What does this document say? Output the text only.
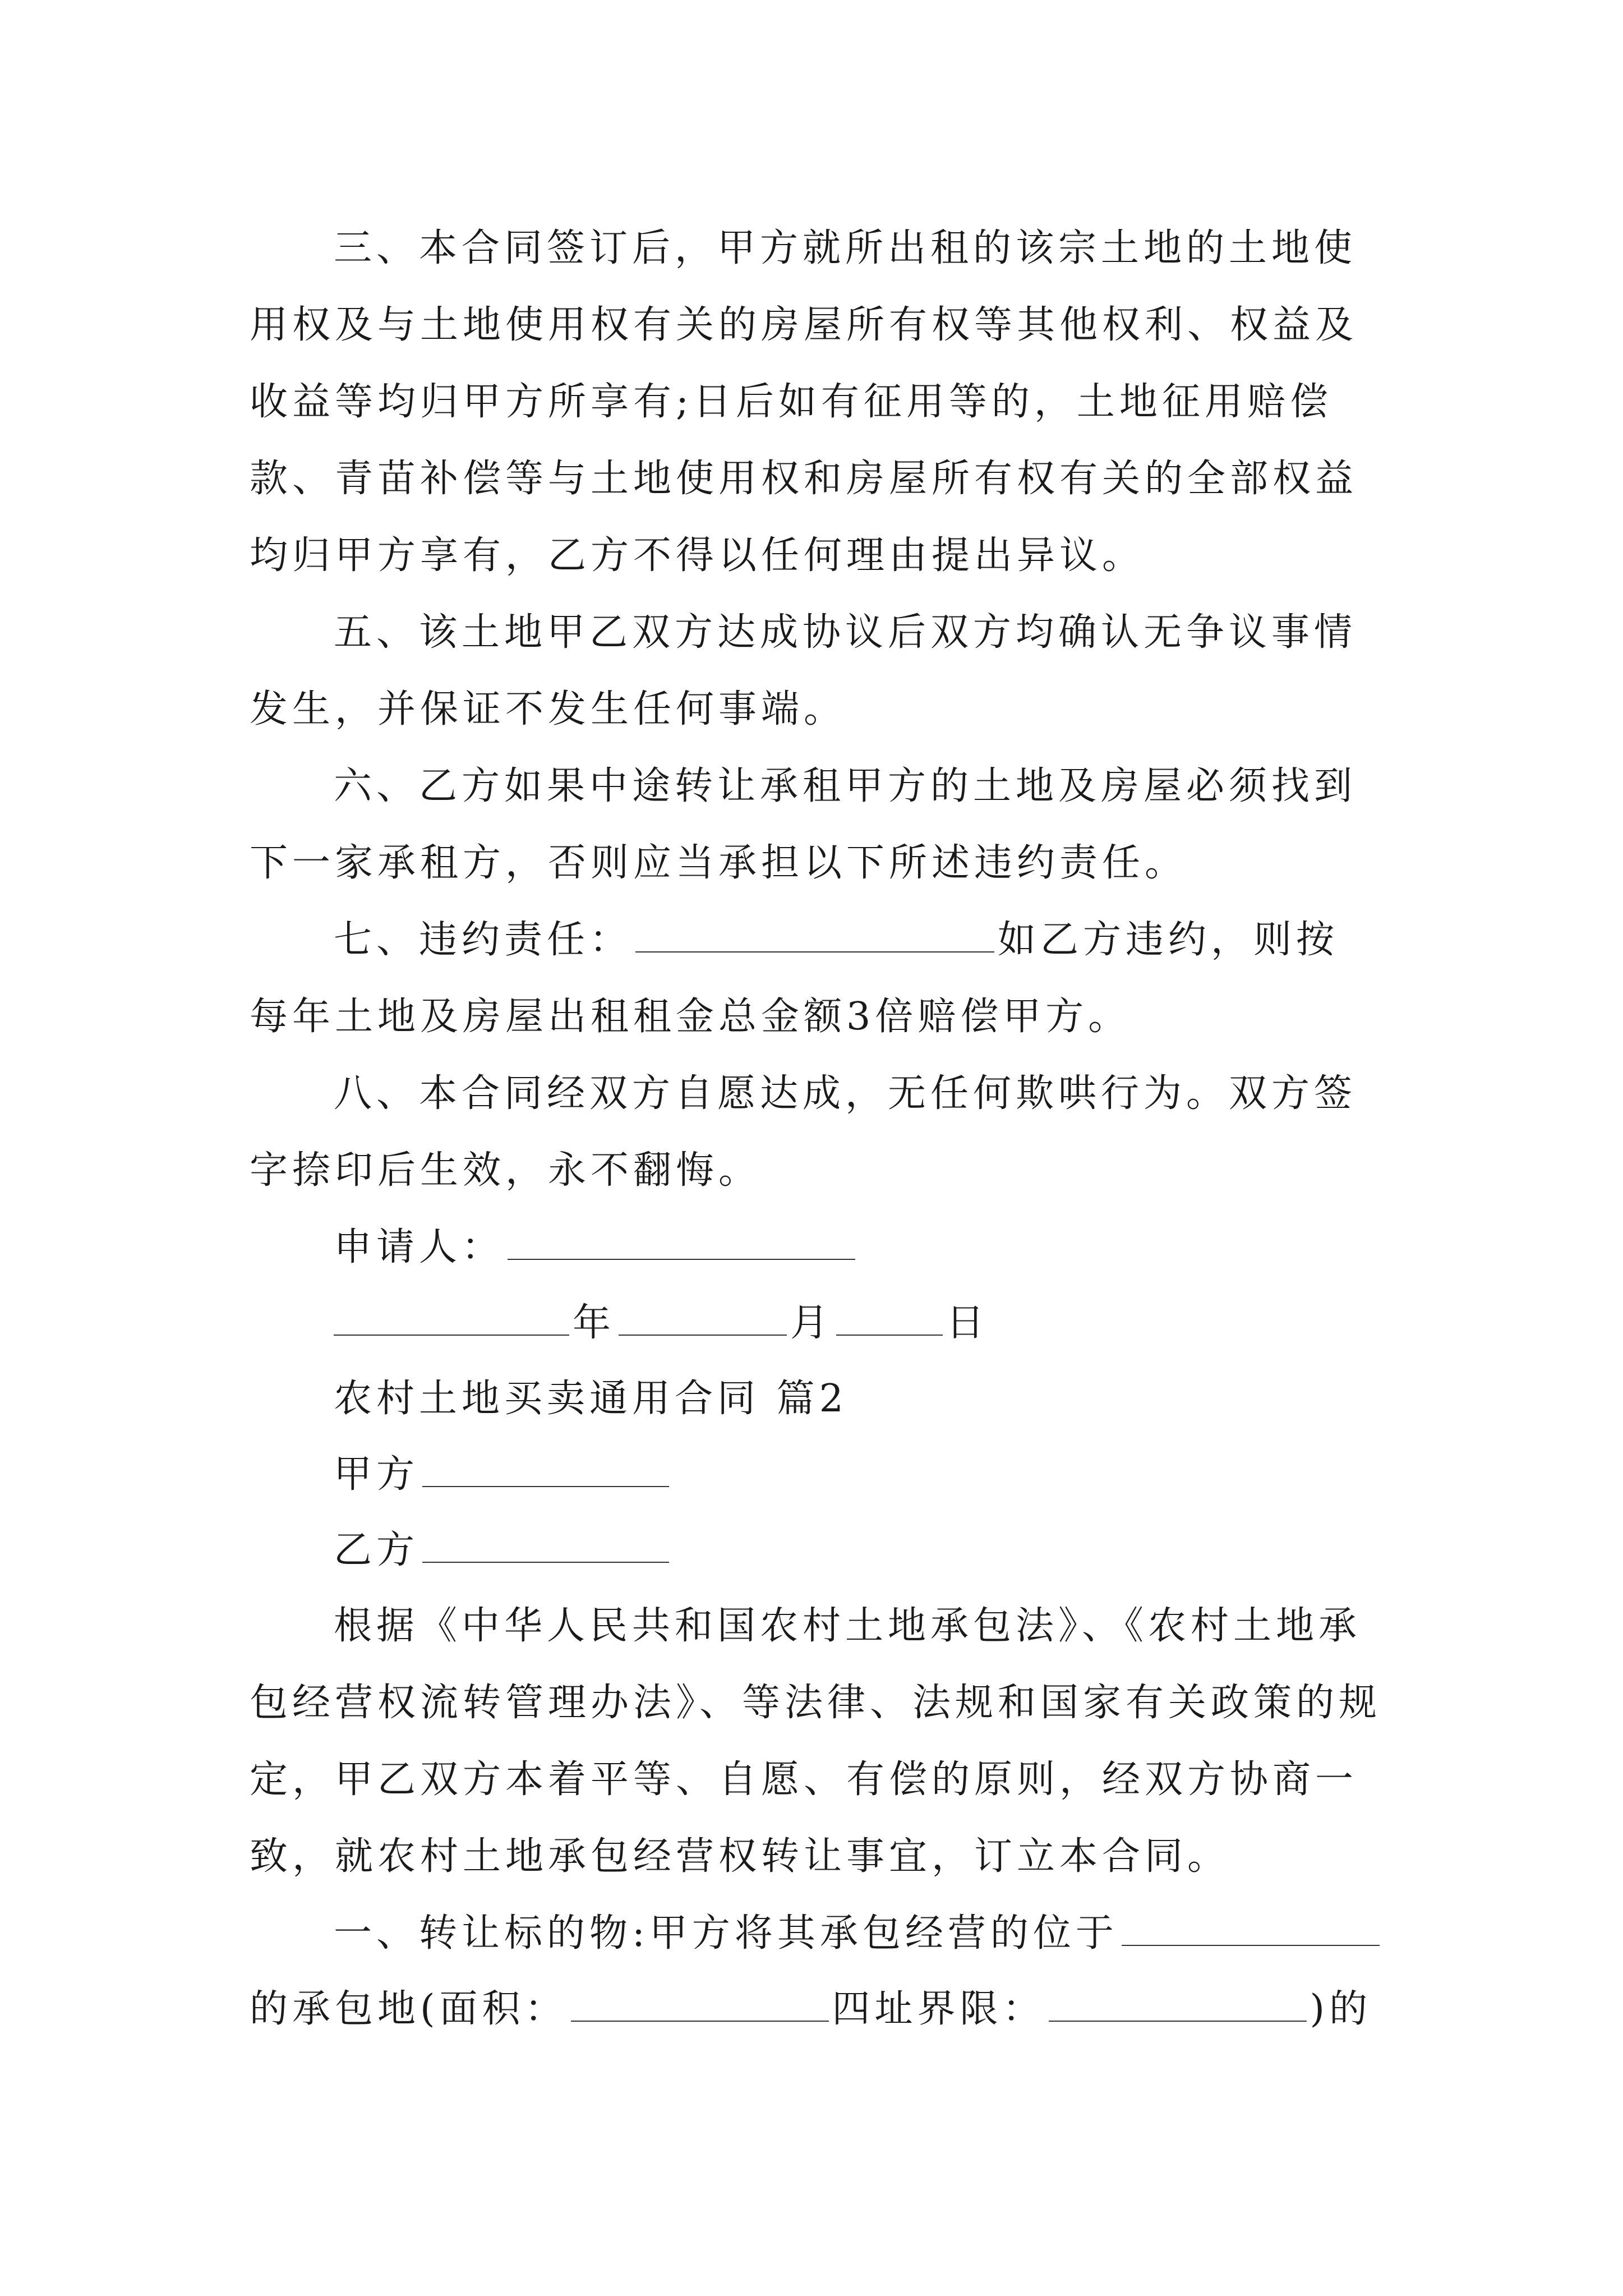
三、本合同签订后，甲方就所出租的该宗土地的土地使用权及与土地使用权有关的房屋所有权等其他权利、权益及收益等均归甲方所享有;日后如有征用等的，土地征用赔偿款、青苗补偿等与土地使用权和房屋所有权有关的全部权益均归甲方享有，乙方不得以任何理由提出异议。

五、该土地甲乙双方达成协议后双方均确认无争议事情发生，并保证不发生任何事端。

六、乙方如果中途转让承租甲方的土地及房屋必须找到下一家承租方，否则应当承担以下所述违约责任。

七、违约责任：	如乙方违约，则按
每年土地及房屋出租租金总金额3倍赔偿甲方。

八、本合同经双方自愿达成，无任何欺哄行为。双方签字捺印后生效，永不翻悔。

申请人：
年	月	日
农村土地买卖通用合同 篇2
甲方
乙方

根据《中华人民共和国农村土地承包法》、《农村土地承包经营权流转管理办法》、等法律、法规和国家有关政策的规定，甲乙双方本着平等、自愿、有偿的原则，经双方协商一致，就农村土地承包经营权转让事宜，订立本合同。

一、转让标的物:甲方将其承包经营的位于
的承包地(面积：	四址界限：	)的
